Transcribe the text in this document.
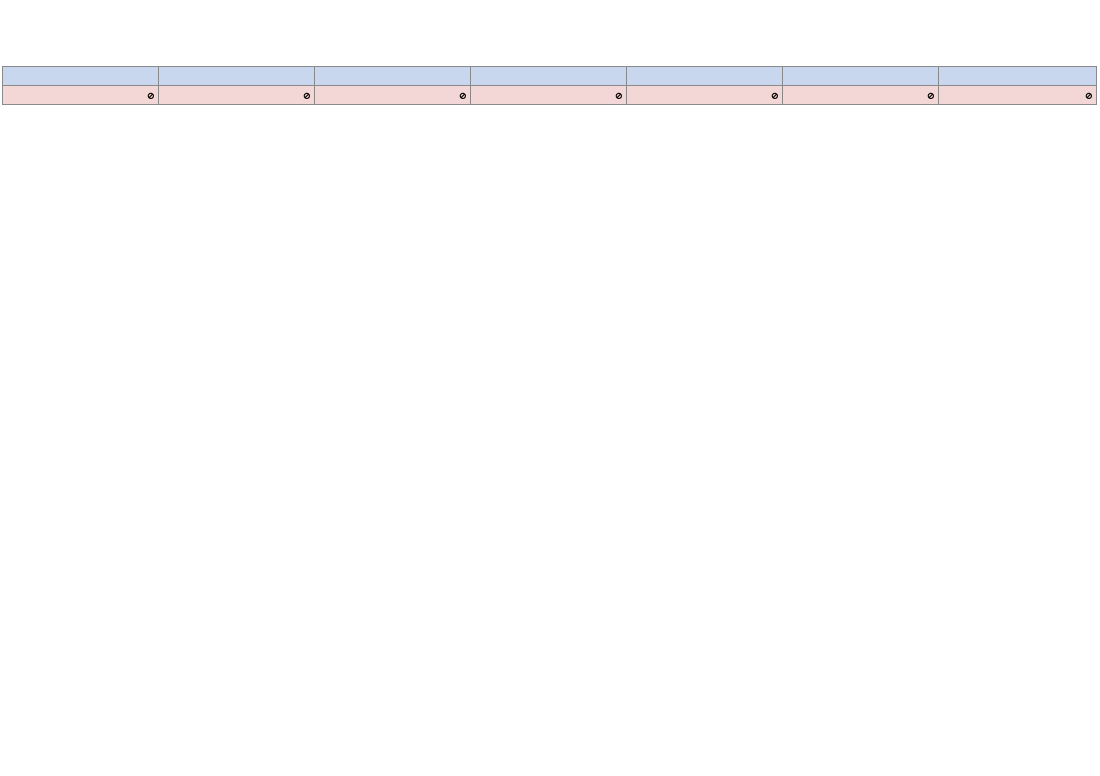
⊘	⊘	⊘	⊘	⊘	⊘	⊘
